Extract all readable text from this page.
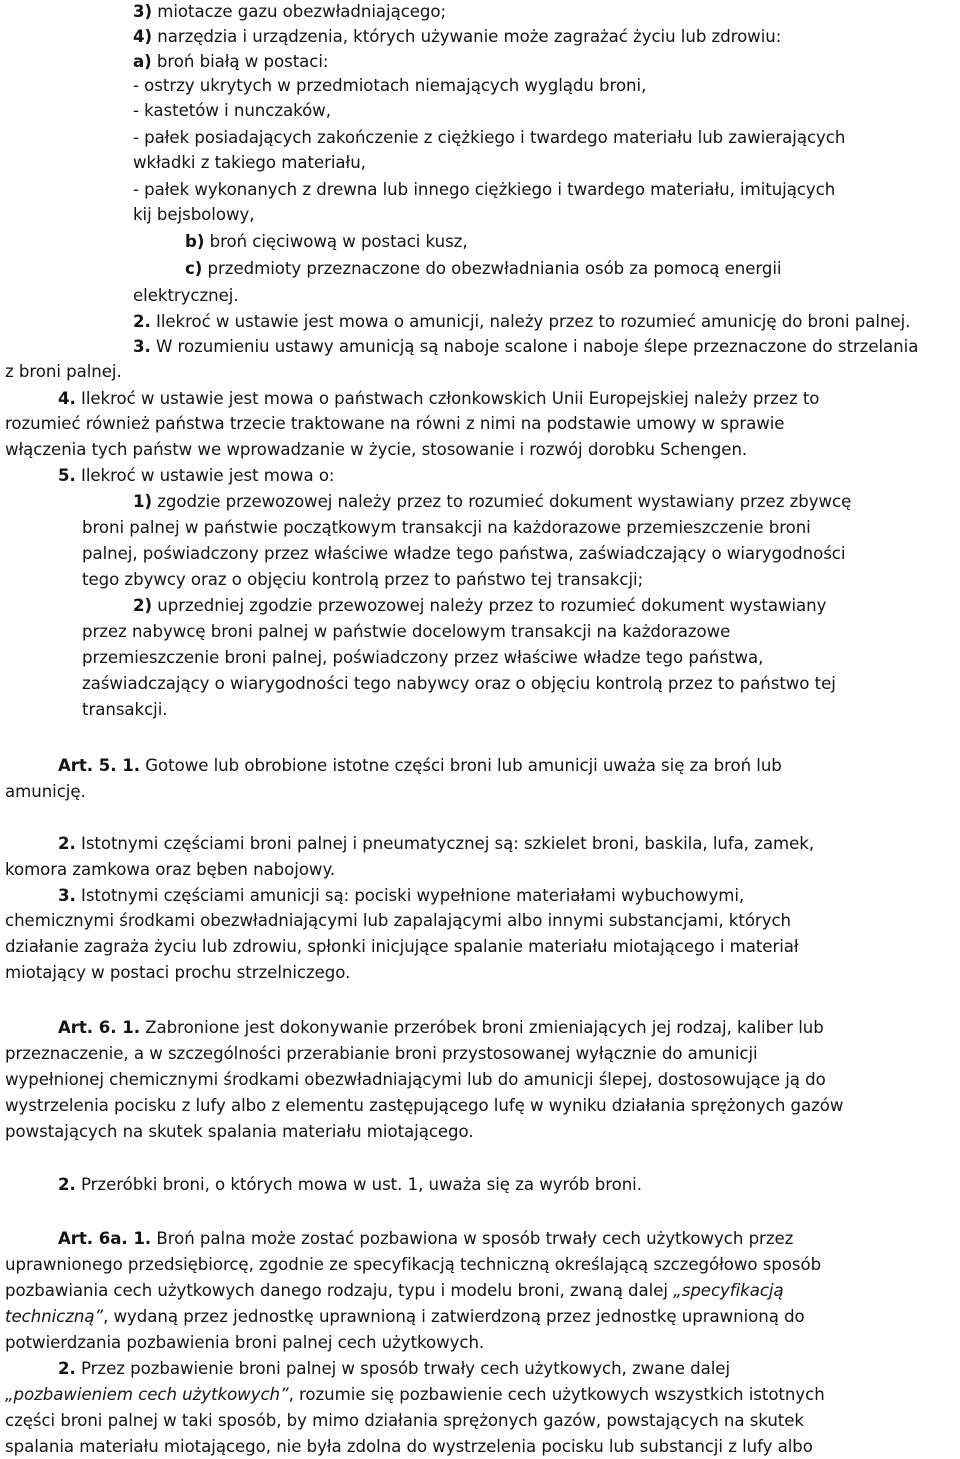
3) miotacze gazu obezwładniającego;
4) narzędzia i urządzenia, których używanie może zagrażać życiu lub zdrowiu:
a) broń białą w postaci:
- ostrzy ukrytych w przedmiotach niemających wyglądu broni,
- kastetów i nunczaków,
- pałek posiadających zakończenie z ciężkiego i twardego materiału lub zawierających
wkładki z takiego materiału,
- pałek wykonanych z drewna lub innego ciężkiego i twardego materiału, imitujących
kij bejsbolowy,
b) broń cięciwową w postaci kusz,
c) przedmioty przeznaczone do obezwładniania osób za pomocą energii
elektrycznej.
2. Ilekroć w ustawie jest mowa o amunicji, należy przez to rozumieć amunicję do broni palnej.
3. W rozumieniu ustawy amunicją są naboje scalone i naboje ślepe przeznaczone do strzelania
z broni palnej.
4. Ilekroć w ustawie jest mowa o państwach członkowskich Unii Europejskiej należy przez to
rozumieć również państwa trzecie traktowane na równi z nimi na podstawie umowy w sprawie
włączenia tych państw we wprowadzanie w życie, stosowanie i rozwój dorobku Schengen.
5. Ilekroć w ustawie jest mowa o:
1) zgodzie przewozowej należy przez to rozumieć dokument wystawiany przez zbywcę
broni palnej w państwie początkowym transakcji na każdorazowe przemieszczenie broni
palnej, poświadczony przez właściwe władze tego państwa, zaświadczający o wiarygodności
tego zbywcy oraz o objęciu kontrolą przez to państwo tej transakcji;
2) uprzedniej zgodzie przewozowej należy przez to rozumieć dokument wystawiany
przez nabywcę broni palnej w państwie docelowym transakcji na każdorazowe
przemieszczenie broni palnej, poświadczony przez właściwe władze tego państwa,
zaświadczający o wiarygodności tego nabywcy oraz o objęciu kontrolą przez to państwo tej
transakcji.
Art. 5. 1. Gotowe lub obrobione istotne części broni lub amunicji uważa się za broń lub
amunicję.
2. Istotnymi częściami broni palnej i pneumatycznej są: szkielet broni, baskila, lufa, zamek,
komora zamkowa oraz bęben nabojowy.
3. Istotnymi częściami amunicji są: pociski wypełnione materiałami wybuchowymi,
chemicznymi środkami obezwładniającymi lub zapalającymi albo innymi substancjami, których
działanie zagraża życiu lub zdrowiu, spłonki inicjujące spalanie materiału miotającego i materiał
miotający w postaci prochu strzelniczego.
Art. 6. 1. Zabronione jest dokonywanie przeróbek broni zmieniających jej rodzaj, kaliber lub
przeznaczenie, a w szczególności przerabianie broni przystosowanej wyłącznie do amunicji
wypełnionej chemicznymi środkami obezwładniającymi lub do amunicji ślepej, dostosowujące ją do
wystrzelenia pocisku z lufy albo z elementu zastępującego lufę w wyniku działania sprężonych gazów
powstających na skutek spalania materiału miotającego.
2. Przeróbki broni, o których mowa w ust. 1, uważa się za wyrób broni.
Art. 6a. 1. Broń palna może zostać pozbawiona w sposób trwały cech użytkowych przez
uprawnionego przedsiębiorcę, zgodnie ze specyfikacją techniczną określającą szczegółowo sposób
pozbawiania cech użytkowych danego rodzaju, typu i modelu broni, zwaną dalej „specyfikacją
techniczną”, wydaną przez jednostkę uprawnioną i zatwierdzoną przez jednostkę uprawnioną do
potwierdzania pozbawienia broni palnej cech użytkowych.
2. Przez pozbawienie broni palnej w sposób trwały cech użytkowych, zwane dalej
„pozbawieniem cech użytkowych”, rozumie się pozbawienie cech użytkowych wszystkich istotnych
części broni palnej w taki sposób, by mimo działania sprężonych gazów, powstających na skutek
spalania materiału miotającego, nie była zdolna do wystrzelenia pocisku lub substancji z lufy albo
